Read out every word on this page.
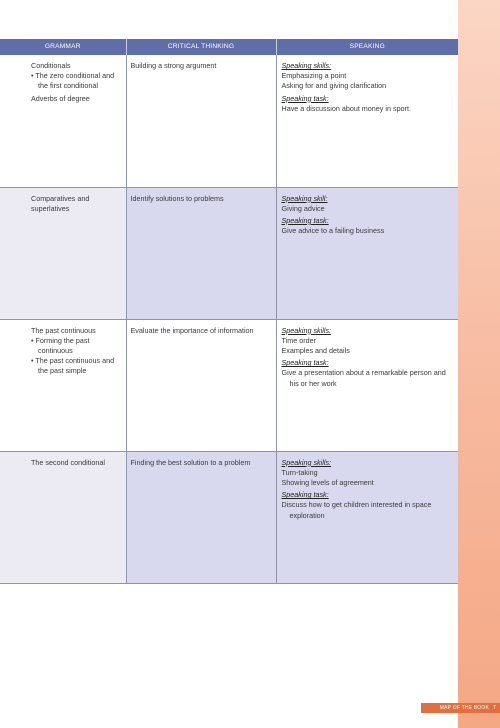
GRAMMAR	CRITICAL THINKING	SPEAKING

Conditionals
• The zero conditional and the first conditional
Adverbs of degree	Building a strong argument	Speaking skills:
Emphasizing a point
Asking for and giving clarification
Speaking task:
Have a discussion about money in sport.

Comparatives and superlatives	Identify solutions to problems	Speaking skill:
Giving advice
Speaking task:
Give advice to a failing business

The past continuous
• Forming the past continuous
• The past continuous and the past simple	Evaluate the importance of information	Speaking skills:
Time order
Examples and details
Speaking task:
Give a presentation about a remarkable person and his or her work

The second conditional	Finding the best solution to a problem	Speaking skills:
Turn-taking
Showing levels of agreement
Speaking task:
Discuss how to get children interested in space exploration
MAP OF THE BOOK 7
